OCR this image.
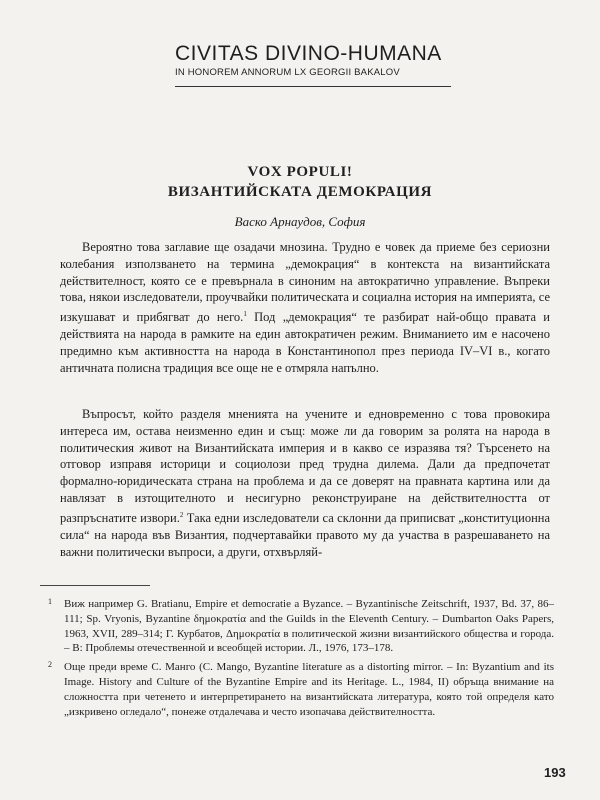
CIVITAS DIVINO-HUMANA
IN HONOREM ANNORUM LX GEORGII BAKALOV
VOX POPULI!
ВИЗАНТИЙСКАТА ДЕМОКРАЦИЯ
Васко Арнаудов, София

Вероятно това заглавие ще озадачи мнозина. Трудно е човек да приеме без сериозни колебания използването на термина „демокрация“ в контекста на византийската действителност, която се е превърнала в синоним на автократично управление. Въпреки това, някои изследователи, проучвайки политическата и социална история на империята, се изкушават и прибягват до него.$^1$ Под „демокрация“ те разбират най-общо правата и действията на народа в рамките на един автократичен режим. Вниманието им е насочено предимно към активността на народа в Константинопол през периода IV–VI в., когато античната полисна традиция все още не е отмряла напълно.

Въпросът, който разделя мненията на учените и едновременно с това провокира интереса им, остава неизменно един и същ: може ли да говорим за ролята на народа в политическия живот на Византийската империя и в какво се изразява тя? Търсенето на отговор изправя историци и социолози пред трудна дилема. Дали да предпочетат формално-юридическата страна на проблема и да се доверят на правната картина или да навлязат в изтощителното и несигурно реконструиране на действителността от разпръснатите извори.$^2$ Така едни изследователи са склонни да приписват „конституционна сила“ на народа във Византия, подчертавайки правото му да участва в разрешаването на важни политически въпроси, а други, отхвърляй-

1 Виж например G. Bratianu, Empire et democratie a Byzance. – Byzantinische Zeitschrift, 1937, Bd. 37, 86–111; Sp. Vryonis, Byzantine δημοκρατία and the Guilds in the Eleventh Century. – Dumbarton Oaks Papers, 1963, XVII, 289–314; Г. Курбатов, Δημοκρατία в политической жизни византийского общества и города. – В: Проблемы отечественной и всеобщей истории. Л., 1976, 173–178.
2 Още преди време С. Манго (C. Mango, Byzantine literature as a distorting mirror. – In: Byzantium and its Image. History and Culture of the Byzantine Empire and its Heritage. L., 1984, II) обръща внимание на сложността при четенето и интерпретирането на византийската литература, която той определя като „изкривено огледало“, понеже отдалечава и често изопачава действителността.
193
